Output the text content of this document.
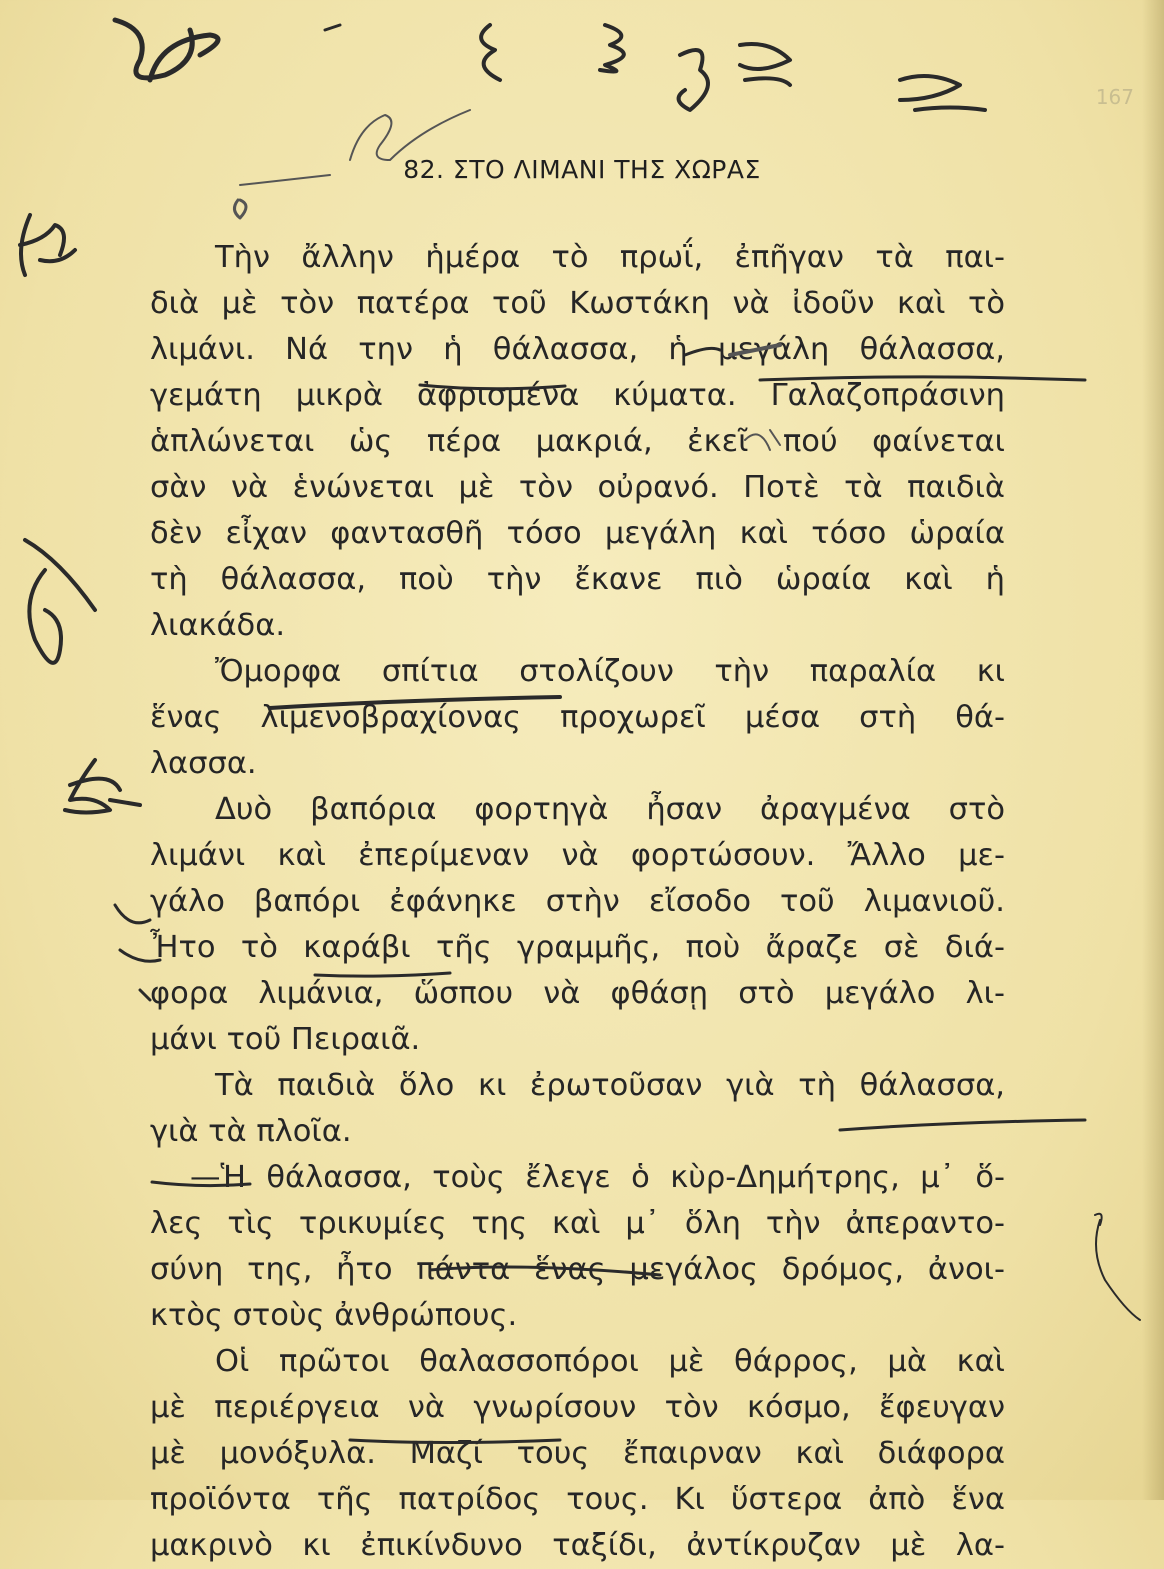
167
82. ΣΤΟ ΛΙΜΑΝΙ ΤΗΣ ΧΩΡΑΣ
Τὴν ἄλλην ἡμέρα τὸ πρωΐ, ἐπῆγαν τὰ παι-
διὰ μὲ τὸν πατέρα τοῦ Κωστάκη νὰ ἰδοῦν καὶ τὸ
λιμάνι. Νά την ἡ θάλασσα, ἡ μεγάλη θάλασσα,
γεμάτη μικρὰ ἀφρισμένα κύματα. Γαλαζοπράσινη
ἁπλώνεται ὡς πέρα μακριά, ἐκεῖ πού φαίνεται
σὰν νὰ ἑνώνεται μὲ τὸν οὐρανό. Ποτὲ τὰ παιδιὰ
δὲν εἶχαν φαντασθῆ τόσο μεγάλη καὶ τόσο ὡραία
τὴ θάλασσα, ποὺ τὴν ἔκανε πιὸ ὡραία καὶ ἡ
λιακάδα.
Ὄμορφα σπίτια στολίζουν τὴν παραλία κι
ἕνας λιμενοβραχίονας προχωρεῖ μέσα στὴ θά-
λασσα.
Δυὸ βαπόρια φορτηγὰ ἦσαν ἀραγμένα στὸ
λιμάνι καὶ ἐπερίμεναν νὰ φορτώσουν. Ἄλλο με-
γάλο βαπόρι ἐφάνηκε στὴν εἴσοδο τοῦ λιμανιοῦ.
Ἦτο τὸ καράβι τῆς γραμμῆς, ποὺ ἄραζε σὲ διά-
φορα λιμάνια, ὥσπου νὰ φθάσῃ στὸ μεγάλο λι-
μάνι τοῦ Πειραιᾶ.
Τὰ παιδιὰ ὅλο κι ἐρωτοῦσαν γιὰ τὴ θάλασσα,
γιὰ τὰ πλοῖα.
—Ἡ θάλασσα, τοὺς ἔλεγε ὁ κὺρ-Δημήτρης, μ᾽ ὅ-
λες τὶς τρικυμίες της καὶ μ᾽ ὅλη τὴν ἀπεραντο-
σύνη της, ἦτο πάντα ἕνας μεγάλος δρόμος, ἀνοι-
κτὸς στοὺς ἀνθρώπους.
Οἱ πρῶτοι θαλασσοπόροι μὲ θάρρος, μὰ καὶ
μὲ περιέργεια νὰ γνωρίσουν τὸν κόσμο, ἔφευγαν
μὲ μονόξυλα. Μαζί τους ἔπαιρναν καὶ διάφορα
προϊόντα τῆς πατρίδος τους. Κι ὕστερα ἀπὸ ἕνα
μακρινὸ κι ἐπικίνδυνο ταξίδι, ἀντίκρυζαν μὲ λα-
